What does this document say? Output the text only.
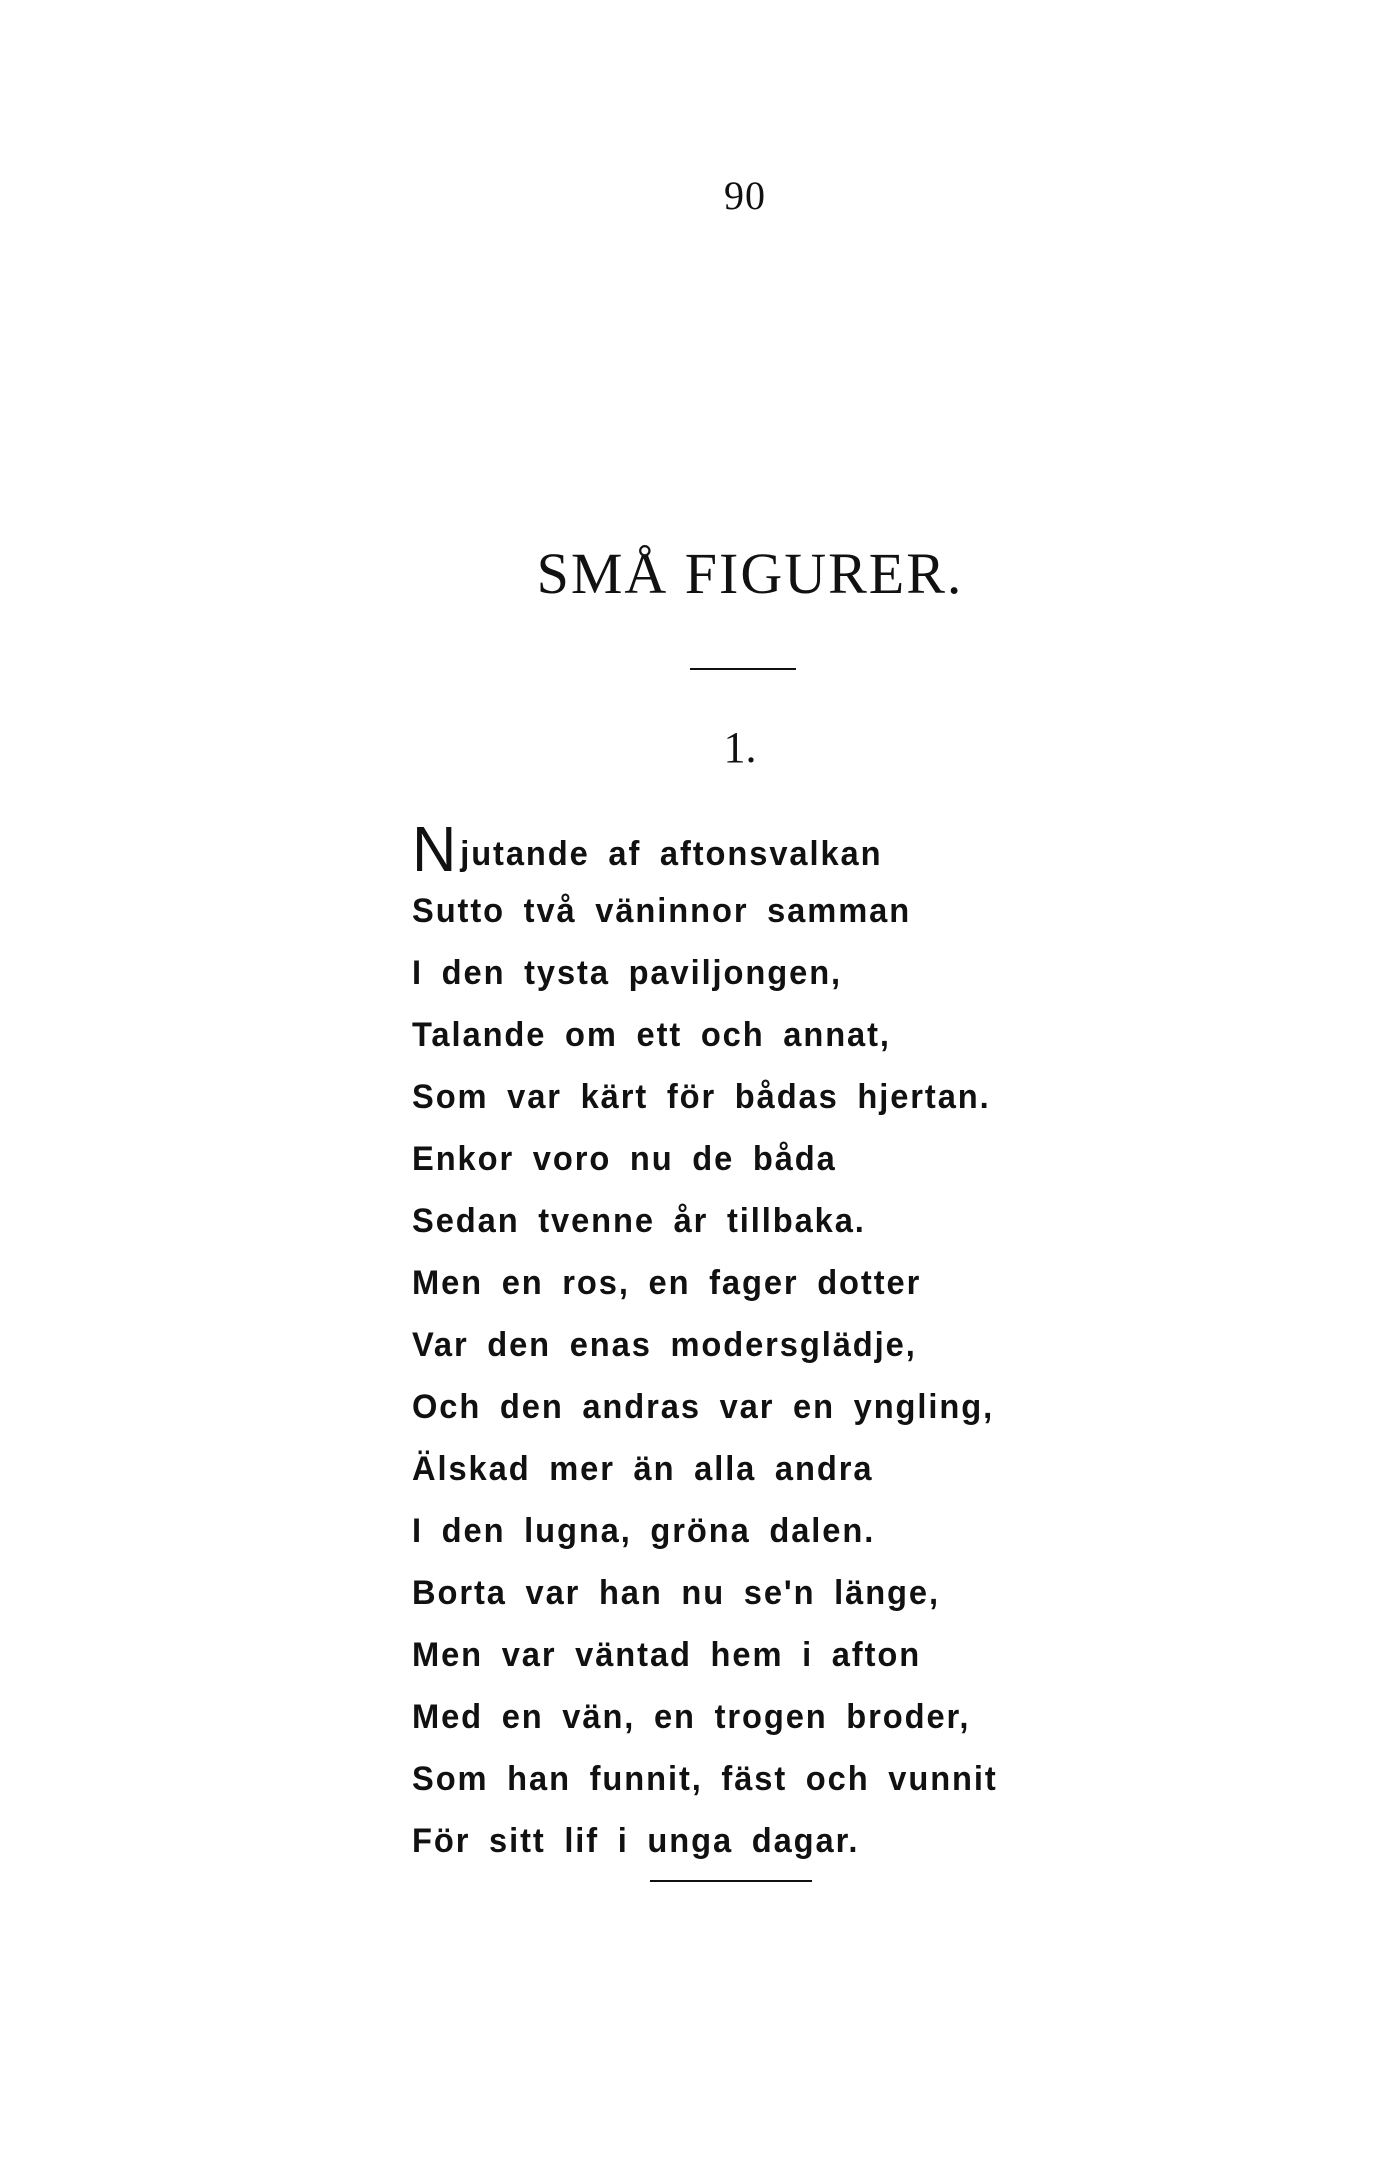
90
SMÅ FIGURER.
1.
Njutande af aftonsvalkan
Sutto två väninnor samman
I den tysta paviljongen,
Talande om ett och annat,
Som var kärt för bådas hjertan.
Enkor voro nu de båda
Sedan tvenne år tillbaka.
Men en ros, en fager dotter
Var den enas modersglädje,
Och den andras var en yngling,
Älskad mer än alla andra
I den lugna, gröna dalen.
Borta var han nu se'n länge,
Men var väntad hem i afton
Med en vän, en trogen broder,
Som han funnit, fäst och vunnit
För sitt lif i unga dagar.
